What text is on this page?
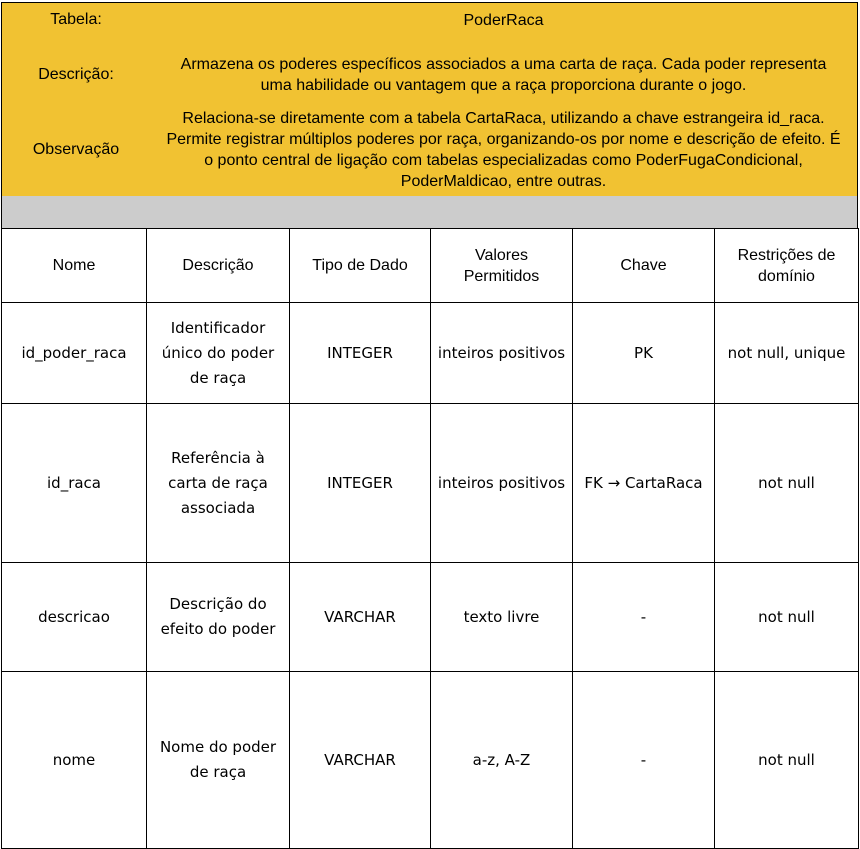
Tabela:	PoderRaca
Descrição:
Armazena os poderes específicos associados a uma carta de raça. Cada poder representa uma habilidade ou vantagem que a raça proporciona durante o jogo.
Observação
Relaciona-se diretamente com a tabela CartaRaca, utilizando a chave estrangeira id_raca. Permite registrar múltiplos poderes por raça, organizando-os por nome e descrição de efeito. É o ponto central de ligação com tabelas especializadas como PoderFugaCondicional, PoderMaldicao, entre outras.
Nome	Descrição	Tipo de Dado	Valores Permitidos	Chave	Restrições de domínio
id_poder_raca	Identificador único do poder de raça	INTEGER	inteiros positivos	PK	not null, unique
id_raca	Referência à carta de raça associada	INTEGER	inteiros positivos	FK → CartaRaca	not null
descricao	Descrição do efeito do poder	VARCHAR	texto livre	-	not null
nome	Nome do poder de raça	VARCHAR	a-z, A-Z	-	not null
